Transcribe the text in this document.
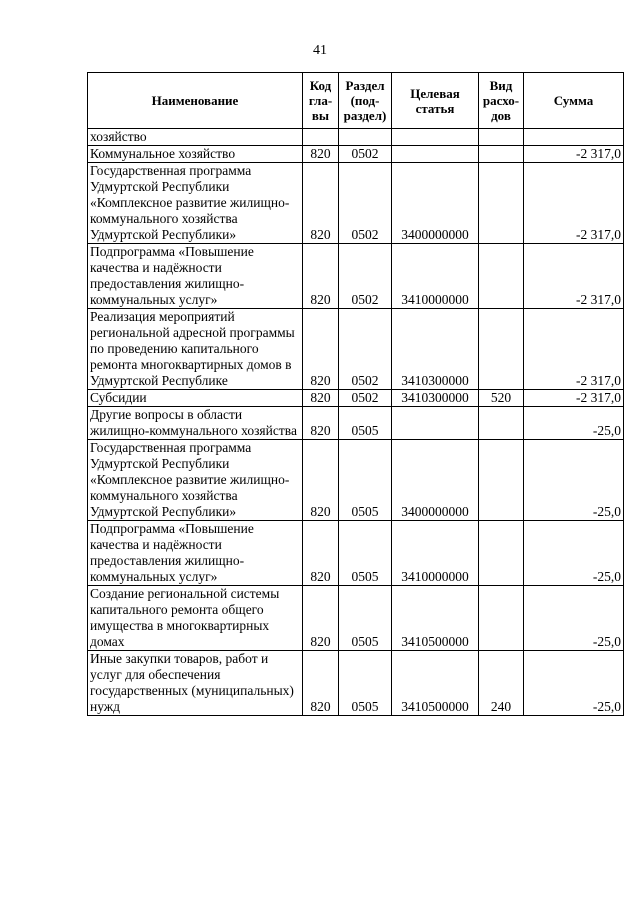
41
Наименование	Код гла-вы	Раздел (под-раздел)	Целевая статья	Вид расхо-дов	Сумма
хозяйство					
Коммунальное хозяйство	820	0502			-2 317,0
Государственная программа Удмуртской Республики «Комплексное развитие жилищно-коммунального хозяйства Удмуртской Республики»	820	0502	3400000000		-2 317,0
Подпрограмма «Повышение качества и надёжности предоставления жилищно-коммунальных услуг»	820	0502	3410000000		-2 317,0
Реализация мероприятий региональной адресной программы по проведению капитального ремонта многоквартирных домов в Удмуртской Республике	820	0502	3410300000		-2 317,0
Субсидии	820	0502	3410300000	520	-2 317,0
Другие вопросы в области жилищно-коммунального хозяйства	820	0505			-25,0
Государственная программа Удмуртской Республики «Комплексное развитие жилищно-коммунального хозяйства Удмуртской Республики»	820	0505	3400000000		-25,0
Подпрограмма «Повышение качества и надёжности предоставления жилищно-коммунальных услуг»	820	0505	3410000000		-25,0
Создание региональной системы капитального ремонта общего имущества в многоквартирных домах	820	0505	3410500000		-25,0
Иные закупки товаров, работ и услуг для обеспечения государственных (муниципальных) нужд	820	0505	3410500000	240	-25,0
